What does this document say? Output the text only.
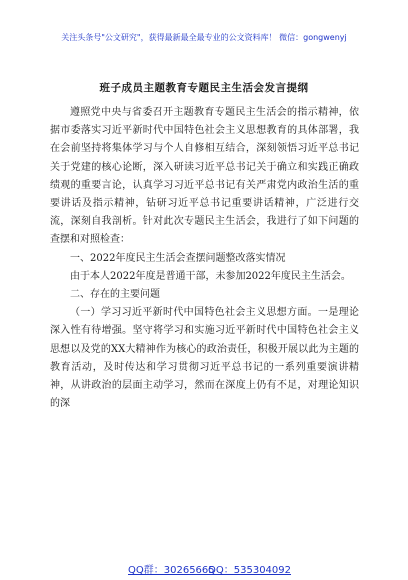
关注头条号"公文研究"，获得最新最全最专业的公文资料库！ 微信：gongwenyj
班子成员主题教育专题民主生活会发言提纲

遵照党中央与省委召开主题教育专题民主生活会的指示精神，依据市委落实习近平新时代中国特色社会主义思想教育的具体部署，我在会前坚持将集体学习与个人自修相互结合，深刻领悟习近平总书记关于党建的核心论断，深入研读习近平总书记关于确立和实践正确政绩观的重要言论，认真学习习近平总书记有关严肃党内政治生活的重要讲话及指示精神，钻研习近平总书记重要讲话精神，广泛进行交流，深刻自我剖析。针对此次专题民主生活会，我进行了如下问题的查摆和对照检查：

一、2022年度民主生活会查摆问题整改落实情况

由于本人2022年度是普通干部，未参加2022年度民主生活会。

二、存在的主要问题

（一）学习习近平新时代中国特色社会主义思想方面。一是理论深入性有待增强。坚守将学习和实施习近平新时代中国特色社会主义思想以及党的XX大精神作为核心的政治责任，积极开展以此为主题的教育活动，及时传达和学习贯彻习近平总书记的一系列重要演讲精神，从讲政治的层面主动学习，然而在深度上仍有不足，对理论知识的深

QQ群：30265665
QQ：535304092
